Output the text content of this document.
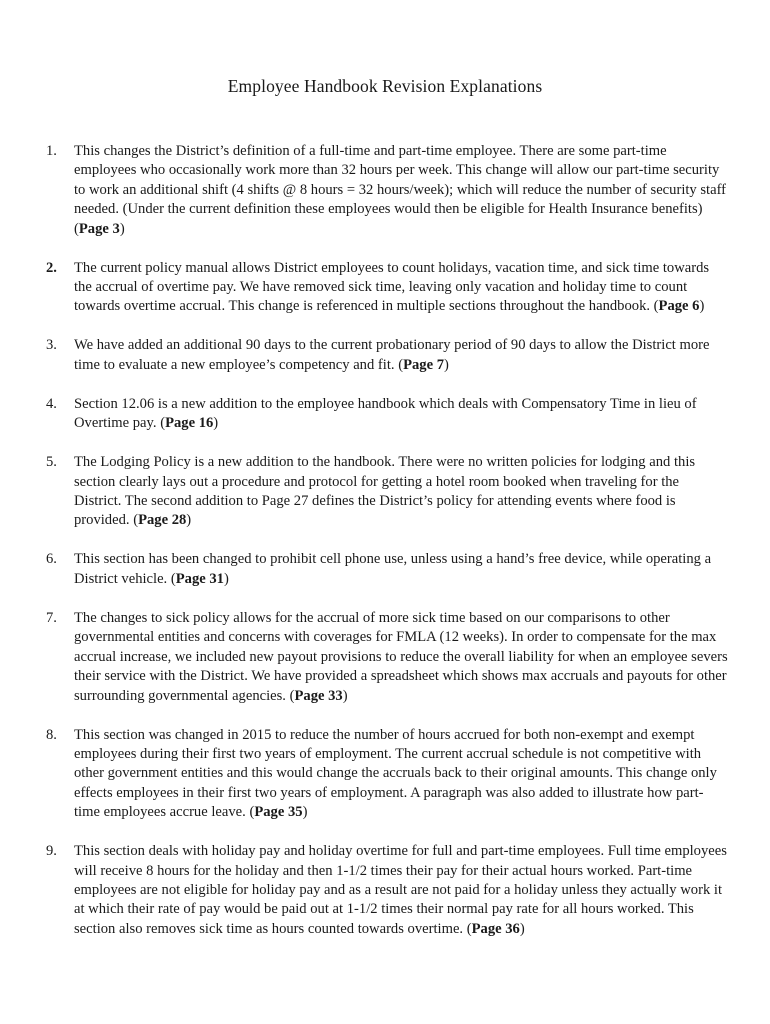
Employee Handbook Revision Explanations
1.	This changes the District’s definition of a full-time and part-time employee. There are some part-time employees who occasionally work more than 32 hours per week. This change will allow our part-time security to work an additional shift (4 shifts @ 8 hours = 32 hours/week); which will reduce the number of security staff needed. (Under the current definition these employees would then be eligible for Health Insurance benefits) (Page 3)
2.	The current policy manual allows District employees to count holidays, vacation time, and sick time towards the accrual of overtime pay. We have removed sick time, leaving only vacation and holiday time to count towards overtime accrual. This change is referenced in multiple sections throughout the handbook. (Page 6)
3.	We have added an additional 90 days to the current probationary period of 90 days to allow the District more time to evaluate a new employee’s competency and fit. (Page 7)
4.	Section 12.06 is a new addition to the employee handbook which deals with Compensatory Time in lieu of Overtime pay. (Page 16)
5.	The Lodging Policy is a new addition to the handbook. There were no written policies for lodging and this section clearly lays out a procedure and protocol for getting a hotel room booked when traveling for the District. The second addition to Page 27 defines the District’s policy for attending events where food is provided. (Page 28)
6.	This section has been changed to prohibit cell phone use, unless using a hand’s free device, while operating a District vehicle. (Page 31)
7.	The changes to sick policy allows for the accrual of more sick time based on our comparisons to other governmental entities and concerns with coverages for FMLA (12 weeks). In order to compensate for the max accrual increase, we included new payout provisions to reduce the overall liability for when an employee severs their service with the District. We have provided a spreadsheet which shows max accruals and payouts for other surrounding governmental agencies. (Page 33)
8.	This section was changed in 2015 to reduce the number of hours accrued for both non-exempt and exempt employees during their first two years of employment. The current accrual schedule is not competitive with other government entities and this would change the accruals back to their original amounts. This change only effects employees in their first two years of employment. A paragraph was also added to illustrate how part-time employees accrue leave. (Page 35)
9.	This section deals with holiday pay and holiday overtime for full and part-time employees. Full time employees will receive 8 hours for the holiday and then 1-1/2 times their pay for their actual hours worked. Part-time employees are not eligible for holiday pay and as a result are not paid for a holiday unless they actually work it at which their rate of pay would be paid out at 1-1/2 times their normal pay rate for all hours worked. This section also removes sick time as hours counted towards overtime. (Page 36)
